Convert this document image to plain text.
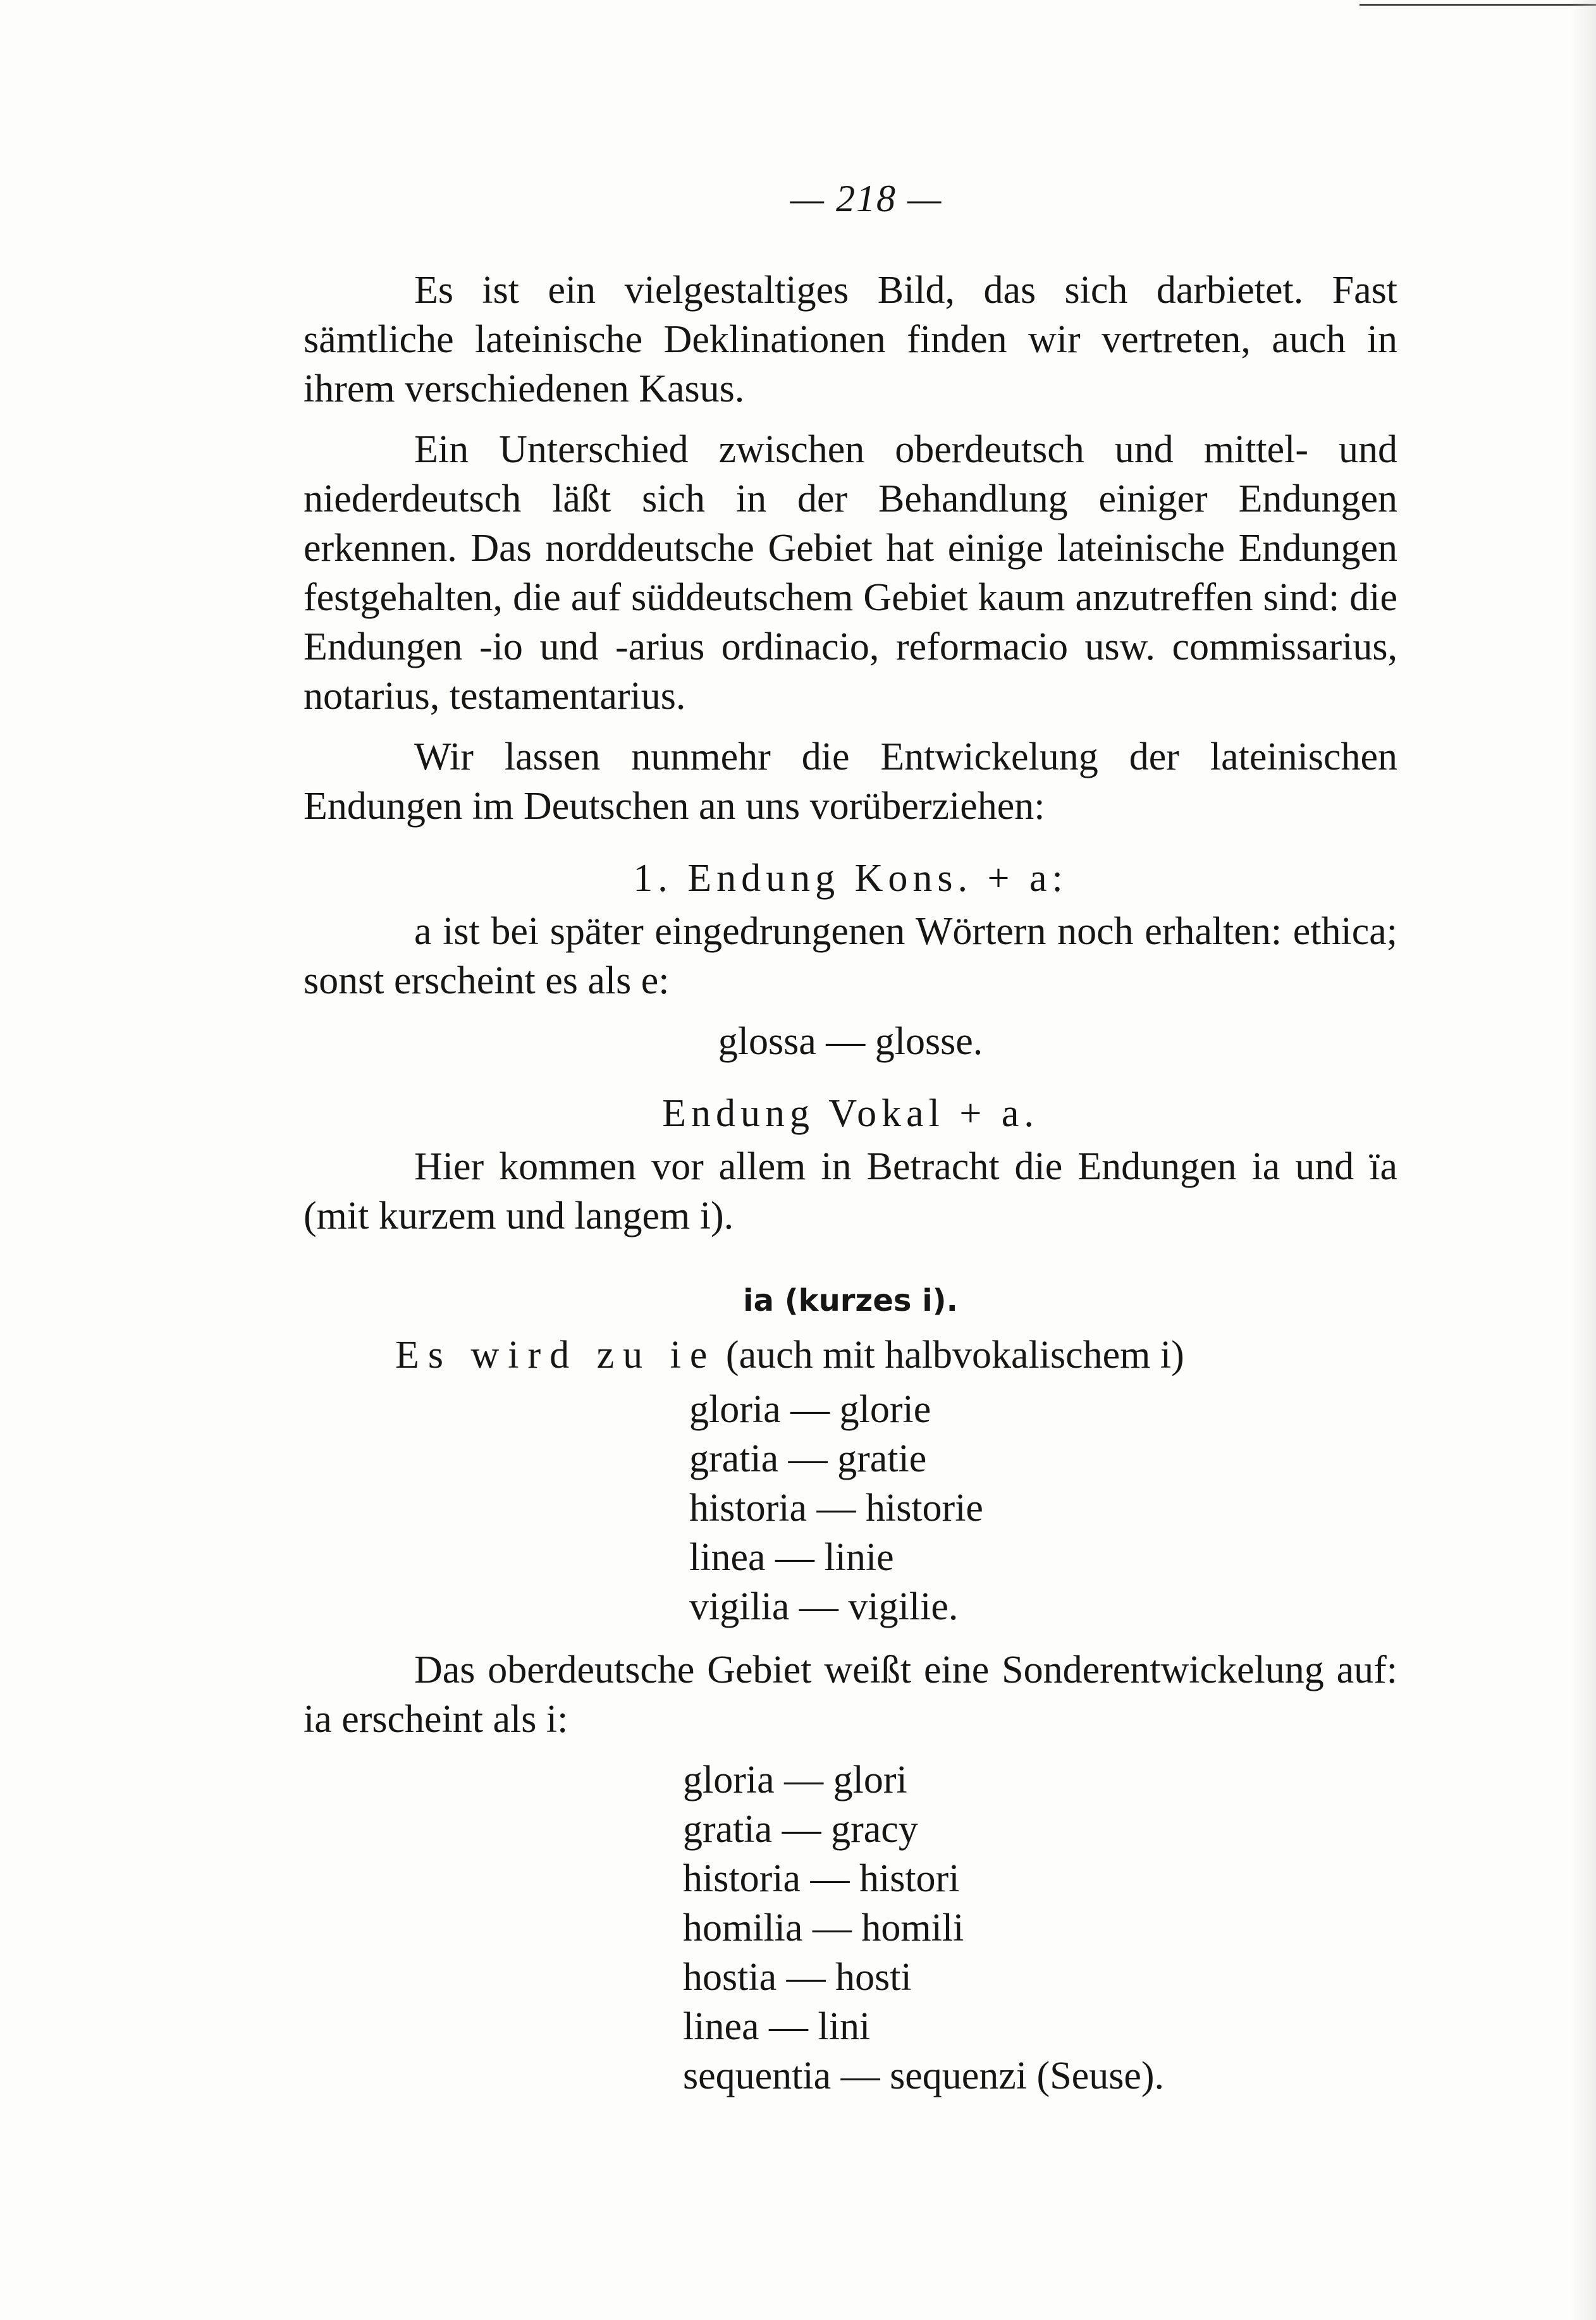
— 218 —

Es ist ein vielgestaltiges Bild, das sich darbietet. Fast sämtliche lateinische Deklinationen finden wir vertreten, auch in ihrem verschiedenen Kasus.

Ein Unterschied zwischen oberdeutsch und mittel- und niederdeutsch läßt sich in der Behandlung einiger Endungen erkennen. Das norddeutsche Gebiet hat einige lateinische Endungen festgehalten, die auf süddeutschem Gebiet kaum anzutreffen sind: die Endungen -io und -arius ordinacio, reformacio usw. commissarius, notarius, testamentarius.

Wir lassen nunmehr die Entwickelung der lateinischen Endungen im Deutschen an uns vorüberziehen:

1. Endung Kons. + a:

a ist bei später eingedrungenen Wörtern noch erhalten: ethica; sonst erscheint es als e:

glossa — glosse.
Endung Vokal + a.

Hier kommen vor allem in Betracht die Endungen ia und ïa (mit kurzem und langem i).

ia (kurzes i).
Es wird zu ie (auch mit halbvokalischem i)
gloria — glorie
gratia — gratie
historia — historie
linea — linie
vigilia — vigilie.

Das oberdeutsche Gebiet weißt eine Sonderentwickelung auf: ia erscheint als i:

gloria — glori
gratia — gracy
historia — histori
homilia — homili
hostia — hosti
linea — lini
sequentia — sequenzi (Seuse).
